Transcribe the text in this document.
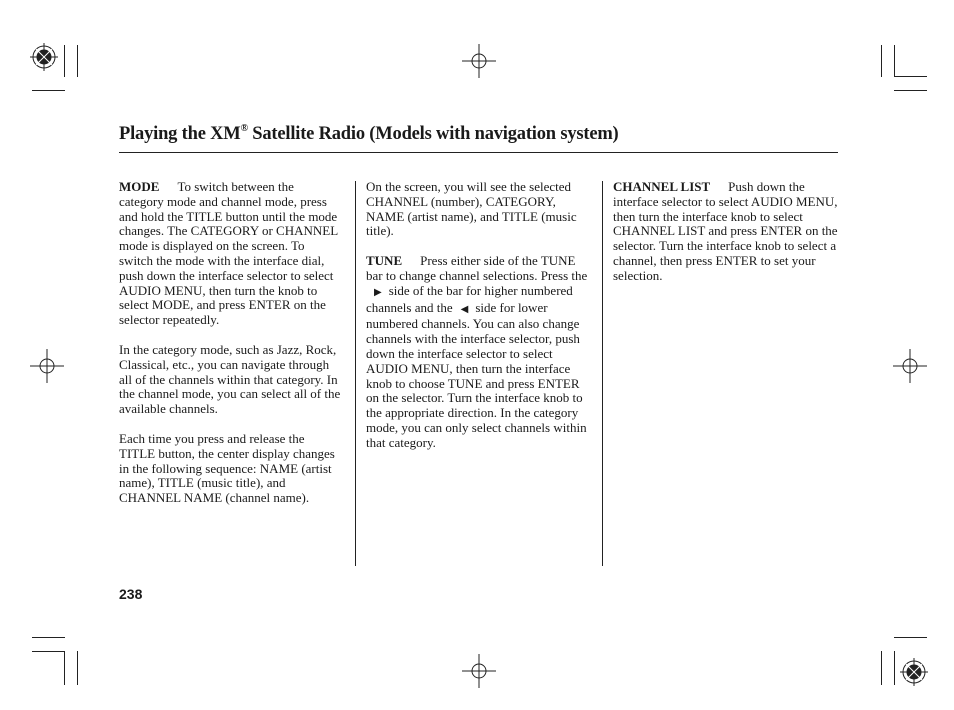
Playing the XM® Satellite Radio (Models with navigation system)

MODE To switch between the category mode and channel mode, press and hold the TITLE button until the mode changes. The CATEGORY or CHANNEL mode is displayed on the screen. To switch the mode with the interface dial, push down the interface selector to select AUDIO MENU, then turn the knob to select MODE, and press ENTER on the selector repeatedly.

In the category mode, such as Jazz, Rock, Classical, etc., you can navigate through all of the channels within that category. In the channel mode, you can select all of the available channels.

Each time you press and release the TITLE button, the center display changes in the following sequence: NAME (artist name), TITLE (music title), and CHANNEL NAME (channel name).

On the screen, you will see the selected CHANNEL (number), CATEGORY, NAME (artist name), and TITLE (music title).

TUNE Press either side of the TUNE bar to change channel selections. Press the▶ side of the bar for higher numbered channels and the ◀ side for lower numbered channels. You can also change channels with the interface selector, push down the interface selector to select AUDIO MENU, then turn the interface knob to choose TUNE and press ENTER on the selector. Turn the interface knob to the appropriate direction. In the category mode, you can only select channels within that category.

CHANNEL LIST Push down the interface selector to select AUDIO MENU, then turn the interface knob to select CHANNEL LIST and press ENTER on the selector. Turn the interface knob to select a channel, then press ENTER to set your selection.

238
